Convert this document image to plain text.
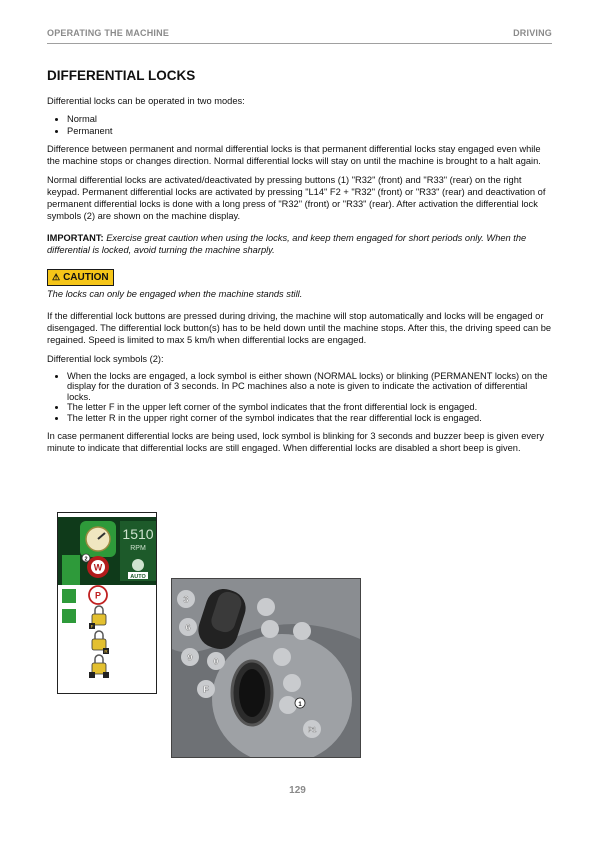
OPERATING THE MACHINE	DRIVING
DIFFERENTIAL LOCKS

Differential locks can be operated in two modes:

• Normal
• Permanent

Difference between permanent and normal differential locks is that permanent differential locks stay engaged even while the machine stops or changes direction. Normal differential locks will stay on until the machine is brought to a halt again.

Normal differential locks are activated/deactivated by pressing buttons (1) "R32" (front) and "R33" (rear) on the right keypad. Permanent differential locks are activated by pressing "L14" F2 + "R32" (front) or "R33" (rear) and deactivation of permanent differential locks is done with a long press of "R32" (front) or "R33" (rear). After activation the differential lock symbols (2) are shown on the machine display.

IMPORTANT: Exercise great caution when using the locks, and keep them engaged for short periods only. When the differential is locked, avoid turning the machine sharply.

⚠ CAUTION

The locks can only be engaged when the machine stands still.

If the differential lock buttons are pressed during driving, the machine will stop automatically and locks will be engaged or disengaged. The differential lock button(s) has to be held down until the machine stops. After this, the driving speed can be regained. Speed is limited to max 5 km/h when differential locks are engaged.

Differential lock symbols (2):

• When the locks are engaged, a lock symbol is either shown (NORMAL locks) or blinking (PERMANENT locks) on the display for the duration of 3 seconds. In PC machines also a note is given to indicate the activation of differential locks.
• The letter F in the upper left corner of the symbol indicates that the front differential lock is engaged.
• The letter R in the upper right corner of the symbol indicates that the rear differential lock is engaged.

In case permanent differential locks are being used, lock symbol is blinking for 3 seconds and buzzer beep is given every minute to indicate that differential locks are still engaged. When differential locks are disabled a short beep is given.

1510
RPM
AUTO
W
2
P
F
R
3
6
9 0
F
P1
1
129
